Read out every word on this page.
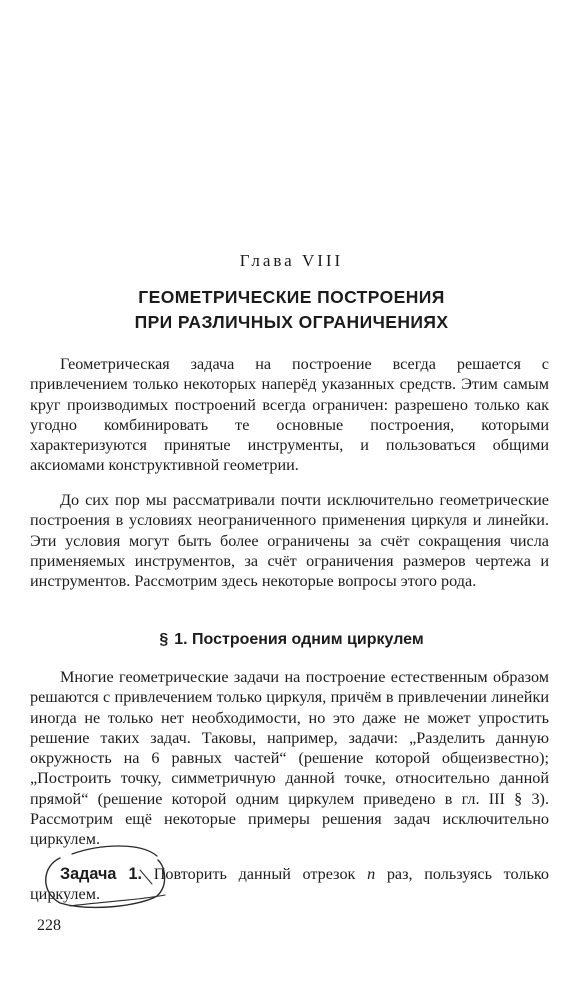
Глава VIII
ГЕОМЕТРИЧЕСКИЕ ПОСТРОЕНИЯ
ПРИ РАЗЛИЧНЫХ ОГРАНИЧЕНИЯХ

Геометрическая задача на построение всегда решается с привлечением только некоторых наперёд указанных средств. Этим самым круг производимых построений всегда ограничен: разрешено только как угодно комбинировать те основные построения, которыми характеризуются принятые инструменты, и пользоваться общими аксиомами конструктивной геометрии.

До сих пор мы рассматривали почти исключительно геометрические построения в условиях неограниченного применения циркуля и линейки. Эти условия могут быть более ограничены за счёт сокращения числа применяемых инструментов, за счёт ограничения размеров чертежа и инструментов. Рассмотрим здесь некоторые вопросы этого рода.

§ 1. Построения одним циркулем

Многие геометрические задачи на построение естественным образом решаются с привлечением только циркуля, причём в привлечении линейки иногда не только нет необходимости, но это даже не может упростить решение таких задач. Таковы, например, задачи: „Разделить данную окружность на 6 равных частей“ (решение которой общеизвестно); „Построить точку, симметричную данной точке, относительно данной прямой“ (решение которой одним циркулем приведено в гл. III § 3). Рассмотрим ещё некоторые примеры решения задач исключительно циркулем.

Задача 1. Повторить данный отрезок n раз, пользуясь только циркулем.

228
